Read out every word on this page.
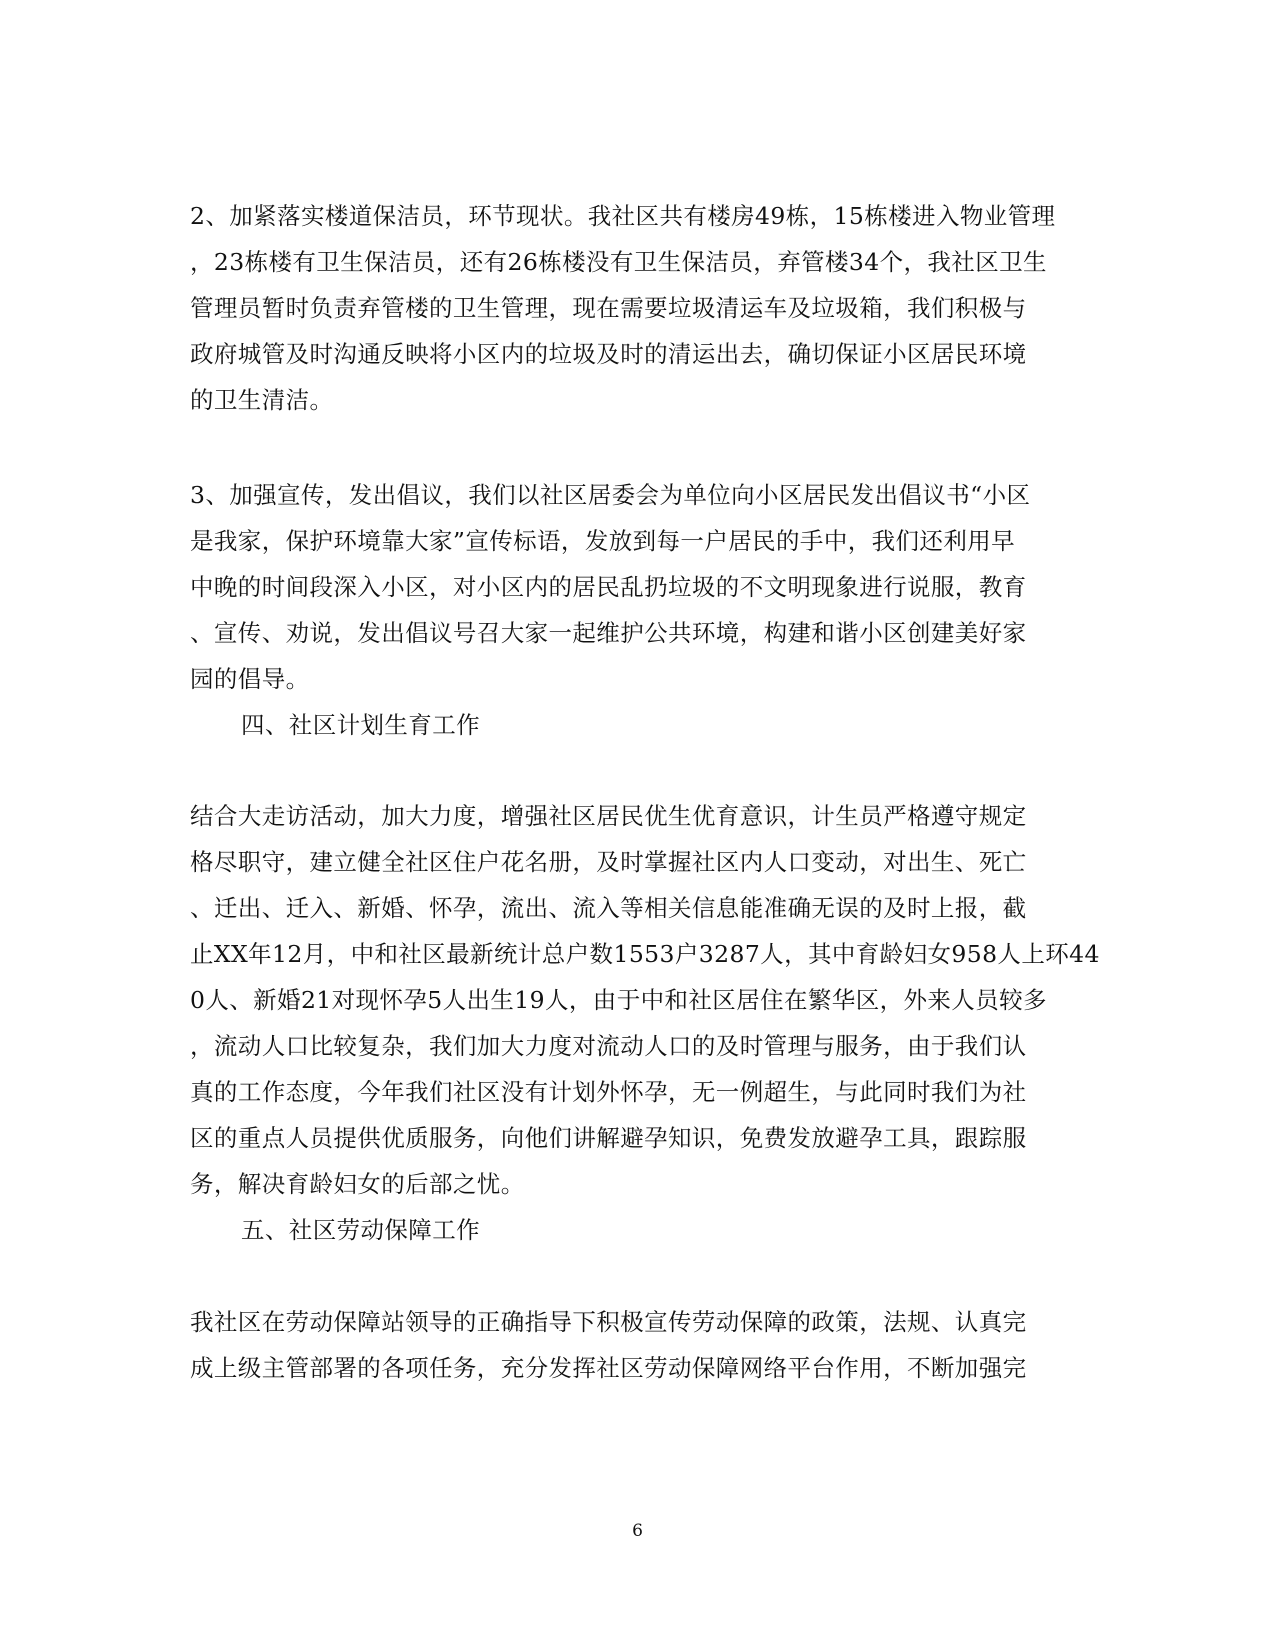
2、加紧落实楼道保洁员，环节现状。我社区共有楼房49栋，15栋楼进入物业管理
，23栋楼有卫生保洁员，还有26栋楼没有卫生保洁员，弃管楼34个，我社区卫生
管理员暂时负责弃管楼的卫生管理，现在需要垃圾清运车及垃圾箱，我们积极与
政府城管及时沟通反映将小区内的垃圾及时的清运出去，确切保证小区居民环境
的卫生清洁。
3、加强宣传，发出倡议，我们以社区居委会为单位向小区居民发出倡议书“小区
是我家，保护环境靠大家”宣传标语，发放到每一户居民的手中，我们还利用早
中晚的时间段深入小区，对小区内的居民乱扔垃圾的不文明现象进行说服，教育
、宣传、劝说，发出倡议号召大家一起维护公共环境，构建和谐小区创建美好家
园的倡导。
四、社区计划生育工作
结合大走访活动，加大力度，增强社区居民优生优育意识，计生员严格遵守规定
格尽职守，建立健全社区住户花名册，及时掌握社区内人口变动，对出生、死亡
、迁出、迁入、新婚、怀孕，流出、流入等相关信息能准确无误的及时上报，截
止XX年12月，中和社区最新统计总户数1553户3287人，其中育龄妇女958人上环44
0人、新婚21对现怀孕5人出生19人，由于中和社区居住在繁华区，外来人员较多
，流动人口比较复杂，我们加大力度对流动人口的及时管理与服务，由于我们认
真的工作态度，今年我们社区没有计划外怀孕，无一例超生，与此同时我们为社
区的重点人员提供优质服务，向他们讲解避孕知识，免费发放避孕工具，跟踪服
务，解决育龄妇女的后部之忧。
五、社区劳动保障工作
我社区在劳动保障站领导的正确指导下积极宣传劳动保障的政策，法规、认真完
成上级主管部署的各项任务，充分发挥社区劳动保障网络平台作用，不断加强完
6
